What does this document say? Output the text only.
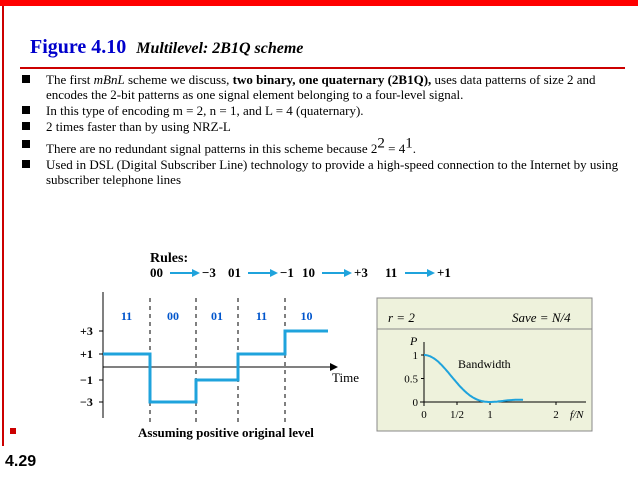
Figure 4.10 Multilevel: 2B1Q scheme
The first mBnL scheme we discuss, two binary, one quaternary (2B1Q), uses data patterns of size 2 and encodes the 2-bit patterns as one signal element belonging to a four-level signal.
In this type of encoding m = 2, n = 1, and L = 4 (quaternary).
2 times faster than by using NRZ-L
There are no redundant signal patterns in this scheme because $2^2 = 4^1$.
Used in DSL (Digital Subscriber Line) technology to provide a high-speed connection to the Internet by using subscriber telephone lines
Rules:
00	−3 01	−1 10	+3 11	+1
Time
+3
+1
−1
−3
11	00	01	11	10
Assuming positive original level
r = 2	Save = N/4
P
1
0.5
0
0 1/2 1	2 f/N
Bandwidth
4.29
